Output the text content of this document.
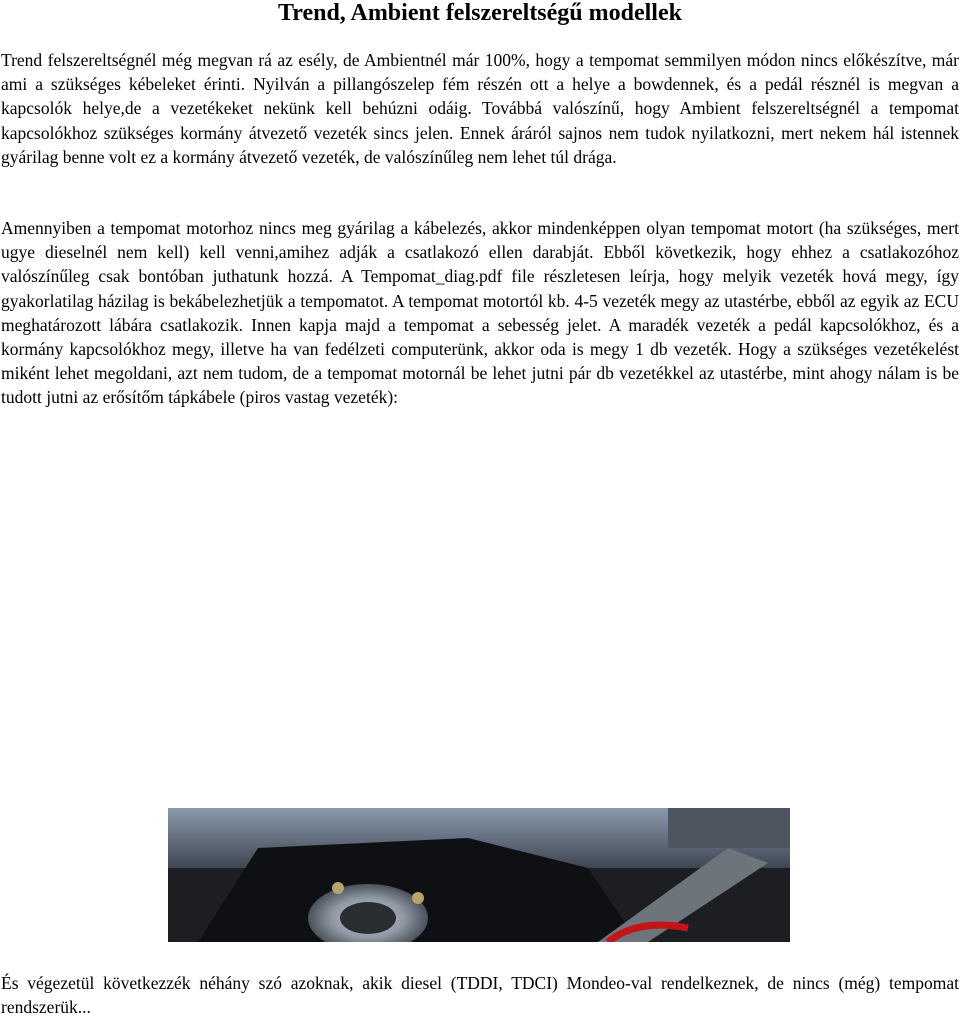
Trend, Ambient felszereltségű modellek

Trend felszereltségnél még megvan rá az esély, de Ambientnél már 100%, hogy a tempomat semmilyen módon nincs előkészítve, már ami a szükséges kébeleket érinti. Nyilván a pillangószelep fém részén ott a helye a bowdennek, és a pedál résznél is megvan a kapcsolók helye,de a vezetékeket nekünk kell behúzni odáig. Továbbá valószínű, hogy Ambient felszereltségnél a tempomat kapcsolókhoz szükséges kormány átvezető vezeték sincs jelen. Ennek áráról sajnos nem tudok nyilatkozni, mert nekem hál istennek gyárilag benne volt ez a kormány átvezető vezeték, de valószínűleg nem lehet túl drága.

Amennyiben a tempomat motorhoz nincs meg gyárilag a kábelezés, akkor mindenképpen olyan tempomat motort (ha szükséges, mert ugye dieselnél nem kell) kell venni,amihez adják a csatlakozó ellen darabját. Ebből következik, hogy ehhez a csatlakozóhoz valószínűleg csak bontóban juthatunk hozzá. A Tempomat_diag.pdf file részletesen leírja, hogy melyik vezeték hová megy, így gyakorlatilag házilag is bekábelezhetjük a tempomatot. A tempomat motortól kb. 4-5 vezeték megy az utastérbe, ebből az egyik az ECU meghatározott lábára csatlakozik. Innen kapja majd a tempomat a sebesség jelet. A maradék vezeték a pedál kapcsolókhoz, és a kormány kapcsolókhoz megy, illetve ha van fedélzeti computerünk, akkor oda is megy 1 db vezeték. Hogy a szükséges vezetékelést miként lehet megoldani, azt nem tudom, de a tempomat motornál be lehet jutni pár db vezetékkel az utastérbe, mint ahogy nálam is be tudott jutni az erősítőm tápkábele (piros vastag vezeték):

És végezetül következzék néhány szó azoknak, akik diesel (TDDI, TDCI) Mondeo-val rendelkeznek, de nincs (még) tempomat rendszerük...
